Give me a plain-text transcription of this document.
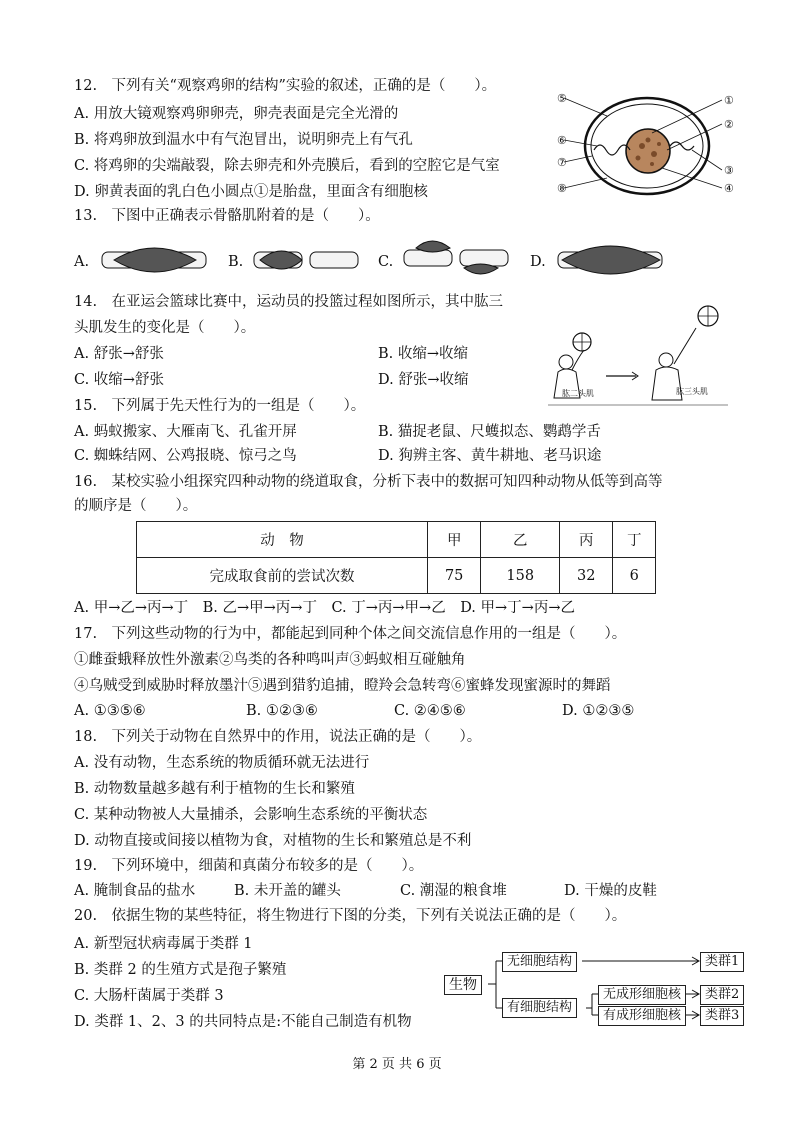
12.　下列有关“观察鸡卵的结构”实验的叙述，正确的是（　　）。
A. 用放大镜观察鸡卵卵壳，卵壳表面是完全光滑的
B. 将鸡卵放到温水中有气泡冒出，说明卵壳上有气孔
C. 将鸡卵的尖端敲裂，除去卵壳和外壳膜后，看到的空腔它是气室
D. 卵黄表面的乳白色小圆点①是胎盘，里面含有细胞核
⑤
⑥
⑦
⑧
①
②
③
④
13.　下图中正确表示骨骼肌附着的是（　　）。
A.	B.	C.	D.
14.　在亚运会篮球比赛中，运动员的投篮过程如图所示，其中肱三
头肌发生的变化是（　　）。
A. 舒张→舒张	B. 收缩→收缩
C. 收缩→舒张	D. 舒张→收缩
肱二头肌	肱三头肌
15.　下列属于先天性行为的一组是（　　）。
A. 蚂蚁搬家、大雁南飞、孔雀开屏	B. 猫捉老鼠、尺蠖拟态、鹦鹉学舌
C. 蜘蛛结网、公鸡报晓、惊弓之鸟	D. 狗辨主客、黄牛耕地、老马识途
16.　某校实验小组探究四种动物的绕道取食，分析下表中的数据可知四种动物从低等到高等
的顺序是（　　）。
动　物	甲	乙	丙	丁
完成取食前的尝试次数	75	158	32	6
A. 甲→乙→丙→丁　B. 乙→甲→丙→丁　C. 丁→丙→甲→乙　D. 甲→丁→丙→乙
17.　下列这些动物的行为中，都能起到同种个体之间交流信息作用的一组是（　　）。
①雌蚕蛾释放性外激素②鸟类的各种鸣叫声③蚂蚁相互碰触角
④乌贼受到威胁时释放墨汁⑤遇到猎豹追捕，瞪羚会急转弯⑥蜜蜂发现蜜源时的舞蹈
A. ①③⑤⑥	B. ①②③⑥	C. ②④⑤⑥	D. ①②③⑤
18.　下列关于动物在自然界中的作用，说法正确的是（　　）。
A. 没有动物，生态系统的物质循环就无法进行
B. 动物数量越多越有利于植物的生长和繁殖
C. 某种动物被人大量捕杀，会影响生态系统的平衡状态
D. 动物直接或间接以植物为食，对植物的生长和繁殖总是不利
19.　下列环境中，细菌和真菌分布较多的是（　　）。
A. 腌制食品的盐水	B. 未开盖的罐头	C. 潮湿的粮食堆	D. 干燥的皮鞋
20.　依据生物的某些特征，将生物进行下图的分类，下列有关说法正确的是（　　）。
A. 新型冠状病毒属于类群 1
B. 类群 2 的生殖方式是孢子繁殖
C. 大肠杆菌属于类群 3
D. 类群 1、2、3 的共同特点是:不能自己制造有机物
生物
无细胞结构
有细胞结构
无成形细胞核
有成形细胞核
类群1
类群2
类群3
第 2 页 共 6 页
